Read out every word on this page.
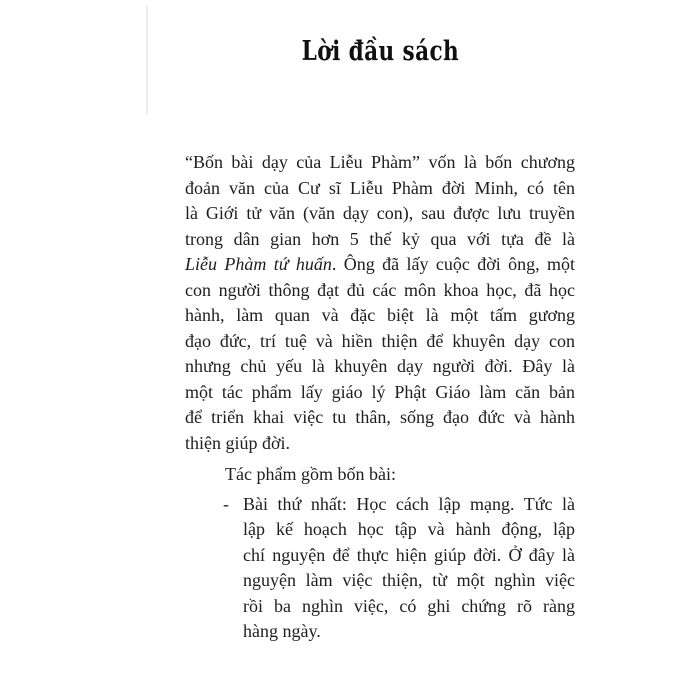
Lời đầu sách
“Bốn bài dạy của Liễu Phàm” vốn là bốn chương
đoản văn của Cư sĩ Liễu Phàm đời Minh, có tên
là Giới tử văn (văn dạy con), sau được lưu truyền
trong dân gian hơn 5 thế kỷ qua với tựa đề là
Liễu Phàm tứ huấn. Ông đã lấy cuộc đời ông, một
con người thông đạt đủ các môn khoa học, đã học
hành, làm quan và đặc biệt là một tấm gương
đạo đức, trí tuệ và hiền thiện để khuyên dạy con
nhưng chủ yếu là khuyên dạy người đời. Đây là
một tác phẩm lấy giáo lý Phật Giáo làm căn bản
để triển khai việc tu thân, sống đạo đức và hành
thiện giúp đời.
Tác phẩm gồm bốn bài:
- Bài thứ nhất: Học cách lập mạng. Tức là
lập kế hoạch học tập và hành động, lập
chí nguyện để thực hiện giúp đời. Ở đây là
nguyện làm việc thiện, từ một nghìn việc
rồi ba nghìn việc, có ghi chứng rõ ràng
hàng ngày.
